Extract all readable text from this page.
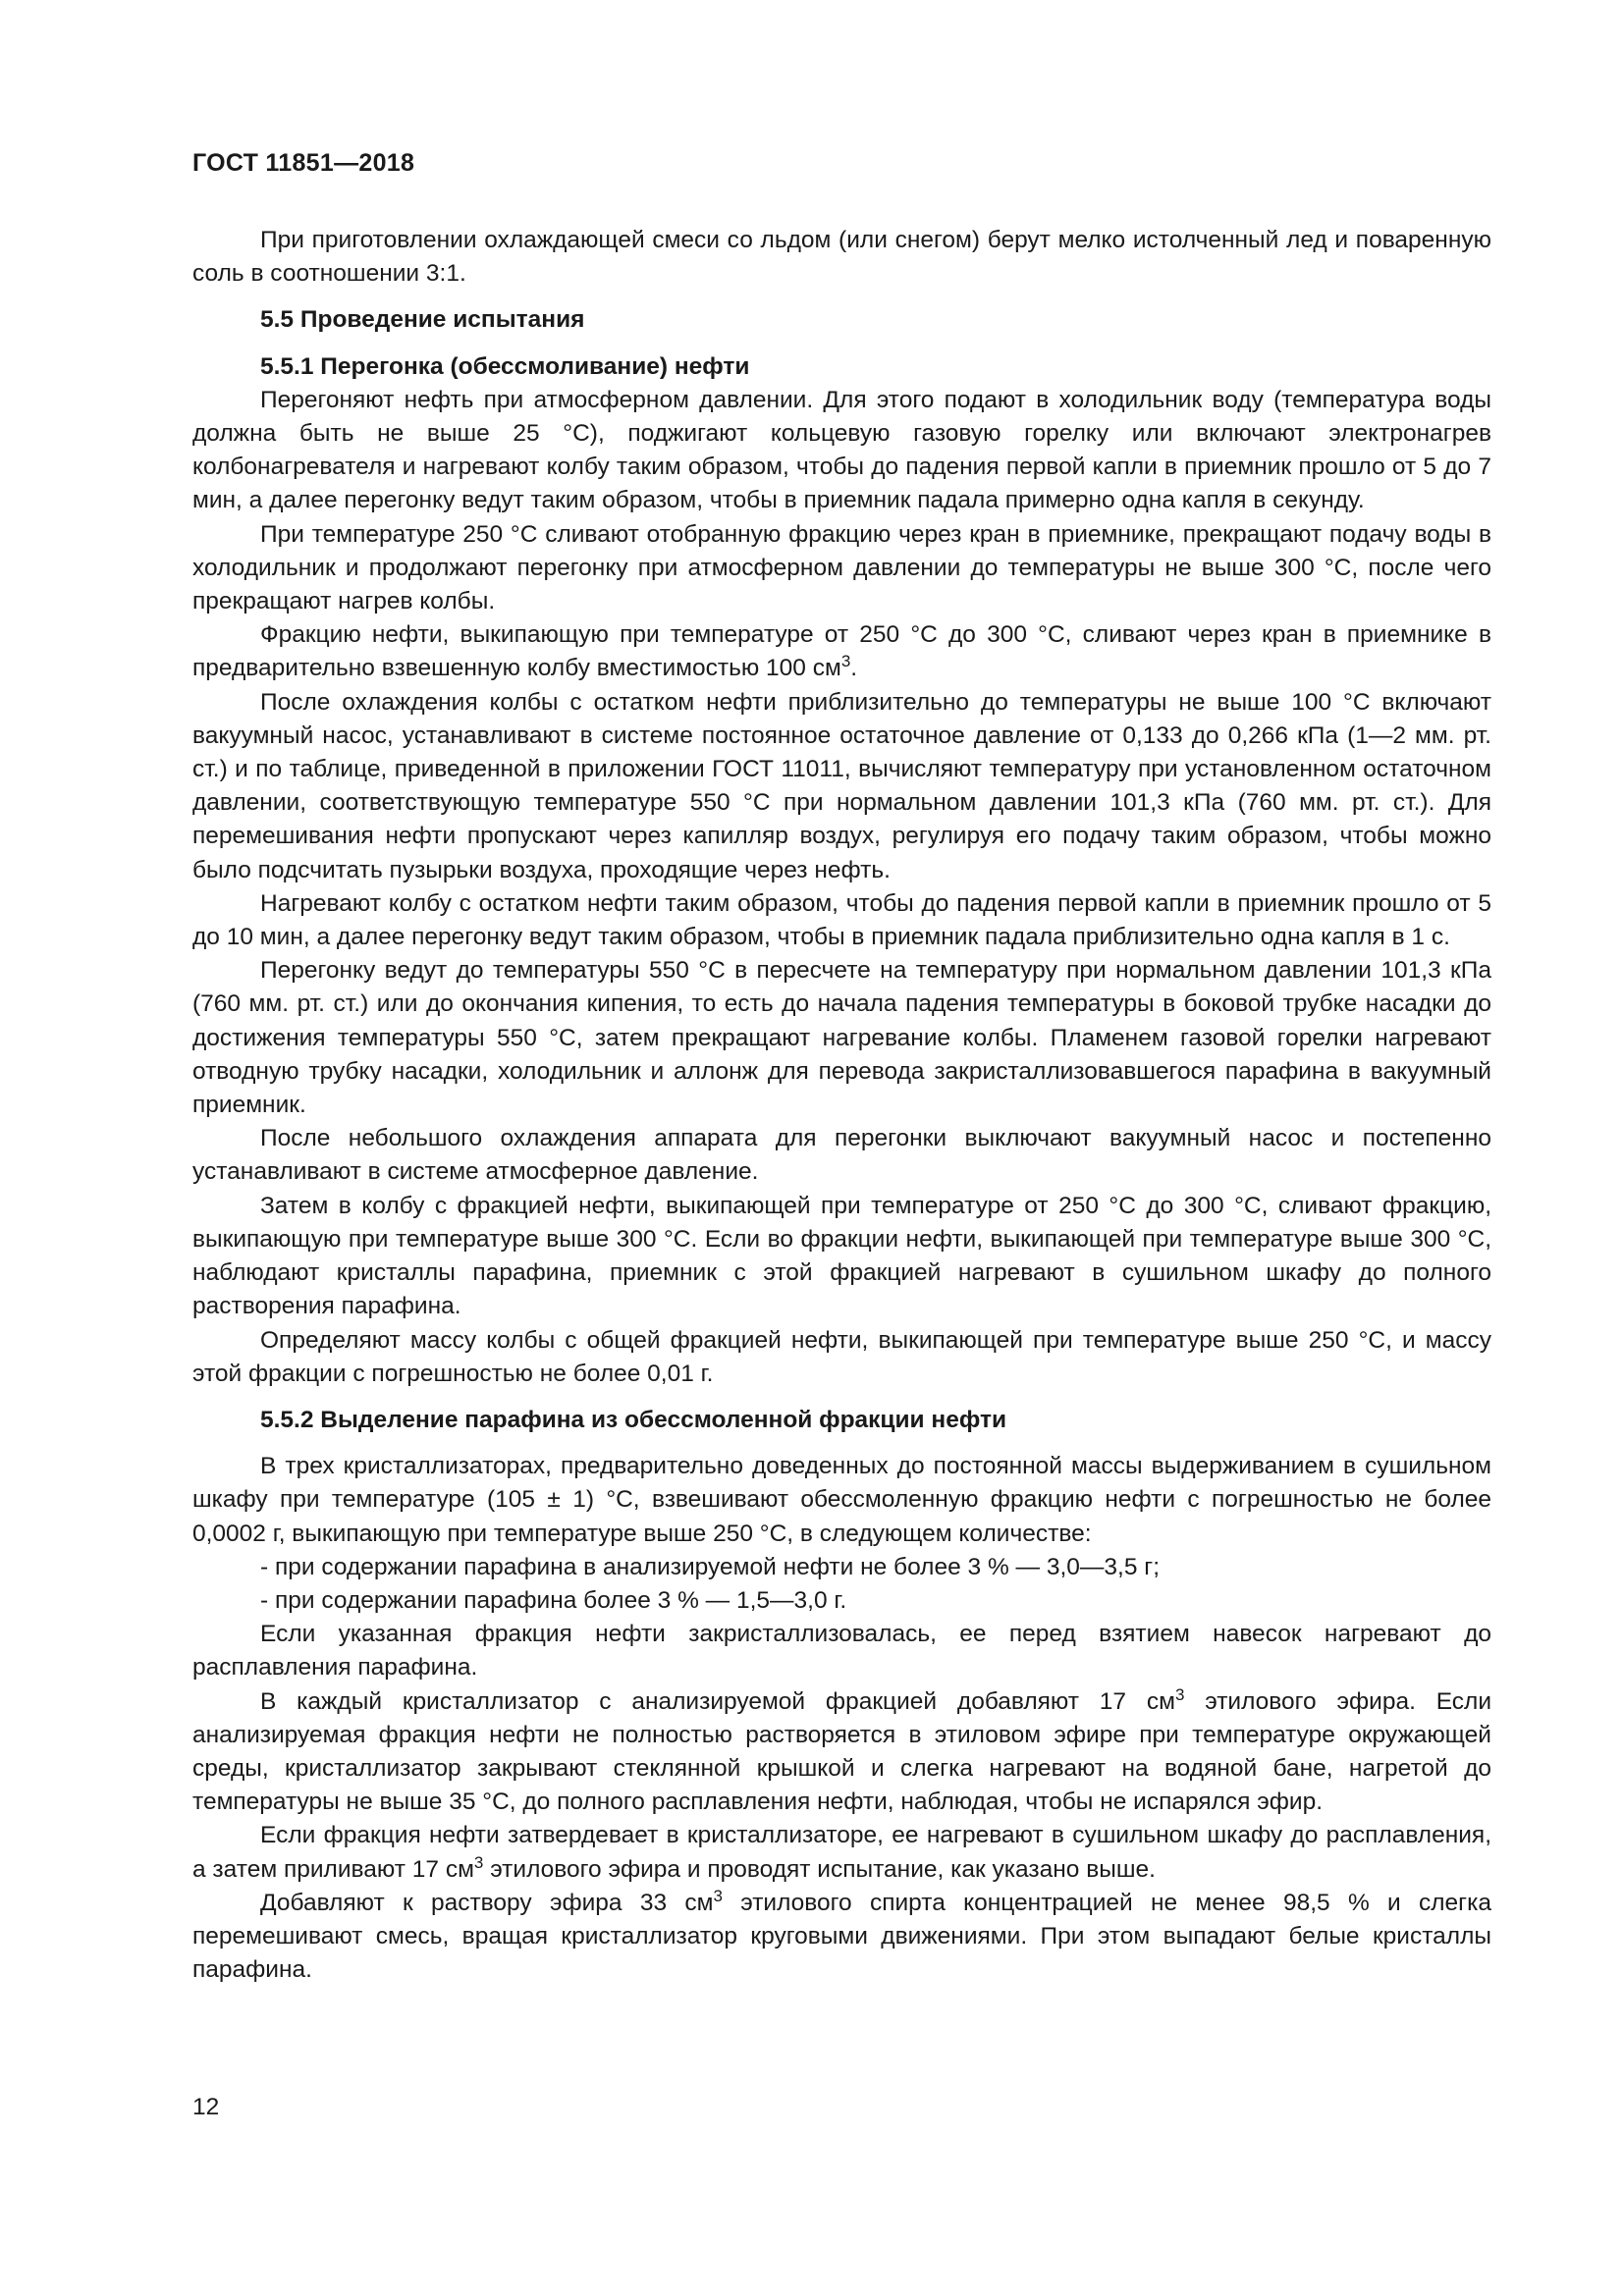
ГОСТ 11851—2018

При приготовлении охлаждающей смеси со льдом (или снегом) берут мелко истолченный лед и поваренную соль в соотношении 3:1.

5.5 Проведение испытания
5.5.1 Перегонка (обессмоливание) нефти

Перегоняют нефть при атмосферном давлении. Для этого подают в холодильник воду (температура воды должна быть не выше 25 °С), поджигают кольцевую газовую горелку или включают электронагрев колбонагревателя и нагревают колбу таким образом, чтобы до падения первой капли в приемник прошло от 5 до 7 мин, а далее перегонку ведут таким образом, чтобы в приемник падала примерно одна капля в секунду.

При температуре 250 °С сливают отобранную фракцию через кран в приемнике, прекращают подачу воды в холодильник и продолжают перегонку при атмосферном давлении до температуры не выше 300 °С, после чего прекращают нагрев колбы.

Фракцию нефти, выкипающую при температуре от 250 °С до 300 °С, сливают через кран в приемнике в предварительно взвешенную колбу вместимостью 100 $см^3$.

После охлаждения колбы с остатком нефти приблизительно до температуры не выше 100 °С включают вакуумный насос, устанавливают в системе постоянное остаточное давление от 0,133 до 0,266 кПа (1—2 мм. рт. ст.) и по таблице, приведенной в приложении ГОСТ 11011, вычисляют температуру при установленном остаточном давлении, соответствующую температуре 550 °С при нормальном давлении 101,3 кПа (760 мм. рт. ст.). Для перемешивания нефти пропускают через капилляр воздух, регулируя его подачу таким образом, чтобы можно было подсчитать пузырьки воздуха, проходящие через нефть.

Нагревают колбу с остатком нефти таким образом, чтобы до падения первой капли в приемник прошло от 5 до 10 мин, а далее перегонку ведут таким образом, чтобы в приемник падала приблизительно одна капля в 1 с.

Перегонку ведут до температуры 550 °С в пересчете на температуру при нормальном давлении 101,3 кПа (760 мм. рт. ст.) или до окончания кипения, то есть до начала падения температуры в боковой трубке насадки до достижения температуры 550 °С, затем прекращают нагревание колбы. Пламенем газовой горелки нагревают отводную трубку насадки, холодильник и аллонж для перевода закристаллизовавшегося парафина в вакуумный приемник.

После небольшого охлаждения аппарата для перегонки выключают вакуумный насос и постепенно устанавливают в системе атмосферное давление.

Затем в колбу с фракцией нефти, выкипающей при температуре от 250 °С до 300 °С, сливают фракцию, выкипающую при температуре выше 300 °С. Если во фракции нефти, выкипающей при температуре выше 300 °С, наблюдают кристаллы парафина, приемник с этой фракцией нагревают в сушильном шкафу до полного растворения парафина.

Определяют массу колбы с общей фракцией нефти, выкипающей при температуре выше 250 °С, и массу этой фракции с погрешностью не более 0,01 г.

5.5.2 Выделение парафина из обессмоленной фракции нефти

В трех кристаллизаторах, предварительно доведенных до постоянной массы выдерживанием в сушильном шкафу при температуре (105 ± 1) °С, взвешивают обессмоленную фракцию нефти с погрешностью не более 0,0002 г, выкипающую при температуре выше 250 °С, в следующем количестве:

- при содержании парафина в анализируемой нефти не более 3 % — 3,0—3,5 г;

- при содержании парафина более 3 % — 1,5—3,0 г.

Если указанная фракция нефти закристаллизовалась, ее перед взятием навесок нагревают до расплавления парафина.

В каждый кристаллизатор с анализируемой фракцией добавляют 17 $см^3$ этилового эфира. Если анализируемая фракция нефти не полностью растворяется в этиловом эфире при температуре окружающей среды, кристаллизатор закрывают стеклянной крышкой и слегка нагревают на водяной бане, нагретой до температуры не выше 35 °С, до полного расплавления нефти, наблюдая, чтобы не испарялся эфир.

Если фракция нефти затвердевает в кристаллизаторе, ее нагревают в сушильном шкафу до расплавления, а затем приливают 17 $см^3$ этилового эфира и проводят испытание, как указано выше.

Добавляют к раствору эфира 33 $см^3$ этилового спирта концентрацией не менее 98,5 % и слегка перемешивают смесь, вращая кристаллизатор круговыми движениями. При этом выпадают белые кристаллы парафина.

12
